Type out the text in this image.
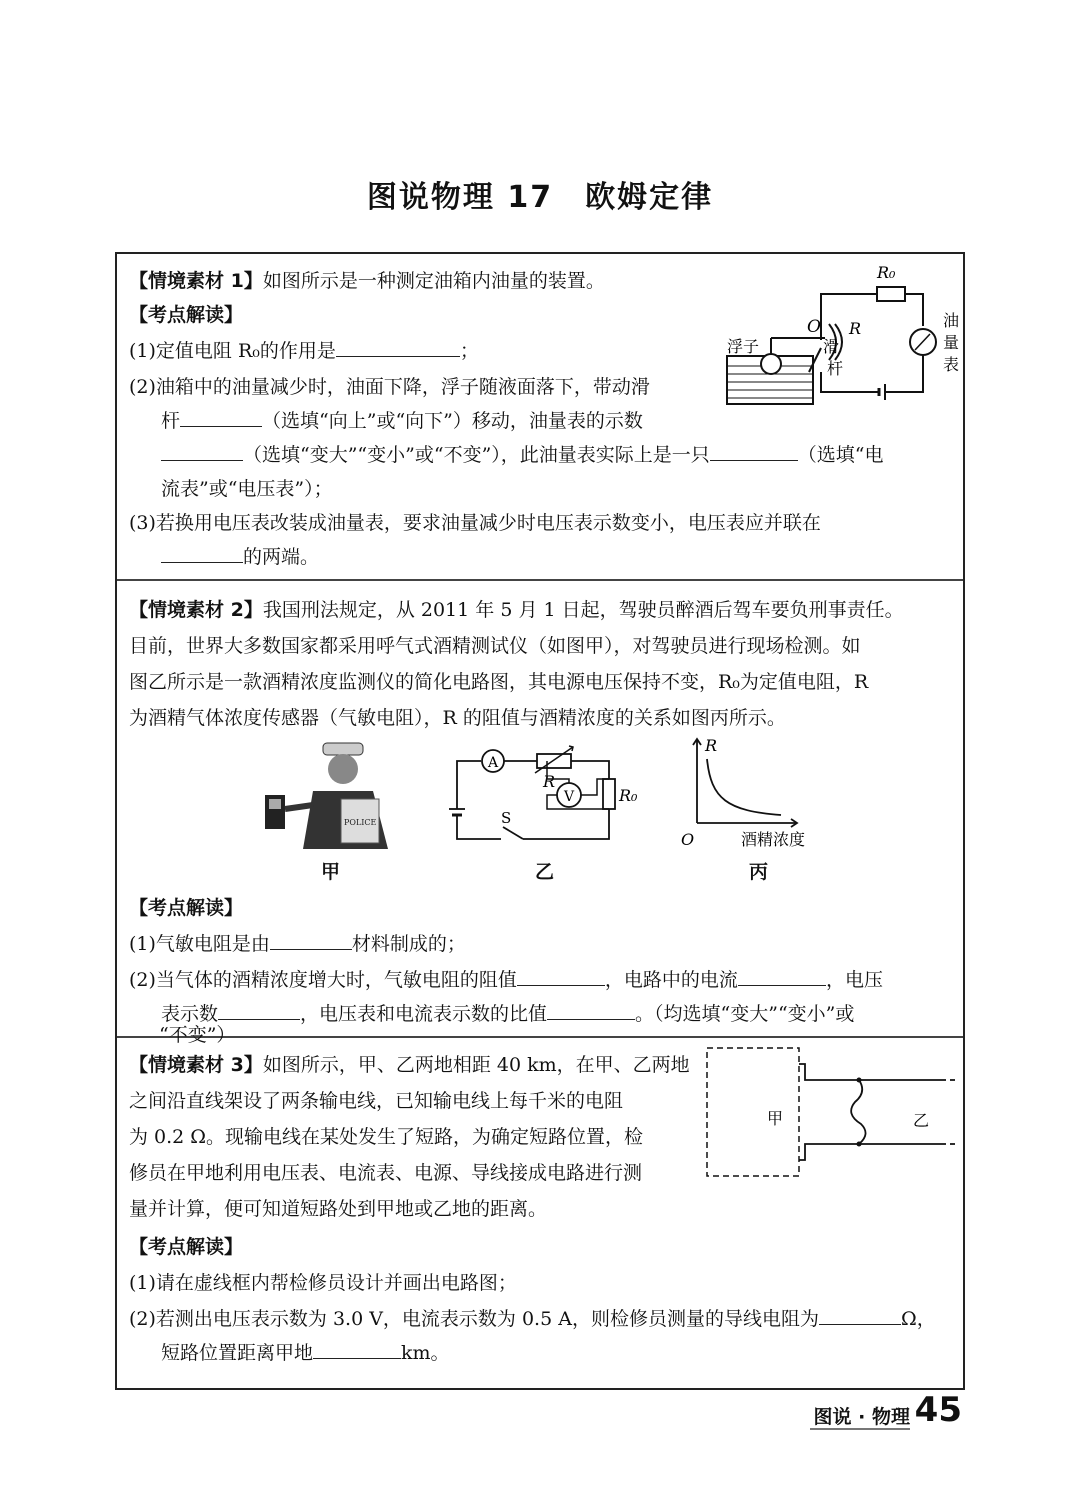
图说物理 17　欧姆定律
【情境素材 1】如图所示是一种测定油箱内油量的装置。
【考点解读】
(1)定值电阻 R₀的作用是	；
(2)油箱中的油量减少时，油面下降，浮子随液面落下，带动滑
杆	（选填“向上”或“向下”）移动，油量表的示数
（选填“变大”“变小”或“不变”），此油量表实际上是一只	（选填“电
流表”或“电压表”）；
(3)若换用电压表改装成油量表，要求油量减少时电压表示数变小，电压表应并联在
的两端。
R₀
油
量
表
O R
浮子	滑
杆
【情境素材 2】我国刑法规定，从 2011 年 5 月 1 日起，驾驶员醉酒后驾车要负刑事责任。
目前，世界大多数国家都采用呼气式酒精测试仪（如图甲），对驾驶员进行现场检测。如
图乙所示是一款酒精浓度监测仪的简化电路图，其电源电压保持不变，R₀为定值电阻，R
为酒精气体浓度传感器（气敏电阻），R 的阻值与酒精浓度的关系如图丙所示。
POLICE
A
R
R₀
S
V
R
O	酒精浓度
甲	乙	丙
【考点解读】
(1)气敏电阻是由	材料制成的；
(2)当气体的酒精浓度增大时，气敏电阻的阻值	，电路中的电流	，电压
表示数	，电压表和电流表示数的比值	。（均选填“变大”“变小”或
【情境素材 3】如图所示，甲、乙两地相距 40 km，在甲、乙两地
之间沿直线架设了两条输电线，已知输电线上每千米的电阻
为 0.2 Ω。现输电线在某处发生了短路，为确定短路位置，检
修员在甲地利用电压表、电流表、电源、导线接成电路进行测
量并计算，便可知道短路处到甲地或乙地的距离。
甲	乙
【考点解读】
(1)请在虚线框内帮检修员设计并画出电路图；
(2)若测出电压表示数为 3.0 V，电流表示数为 0.5 A，则检修员测量的导线电阻为	Ω，
短路位置距离甲地	km。
“不变”）
图说 · 物理 45
